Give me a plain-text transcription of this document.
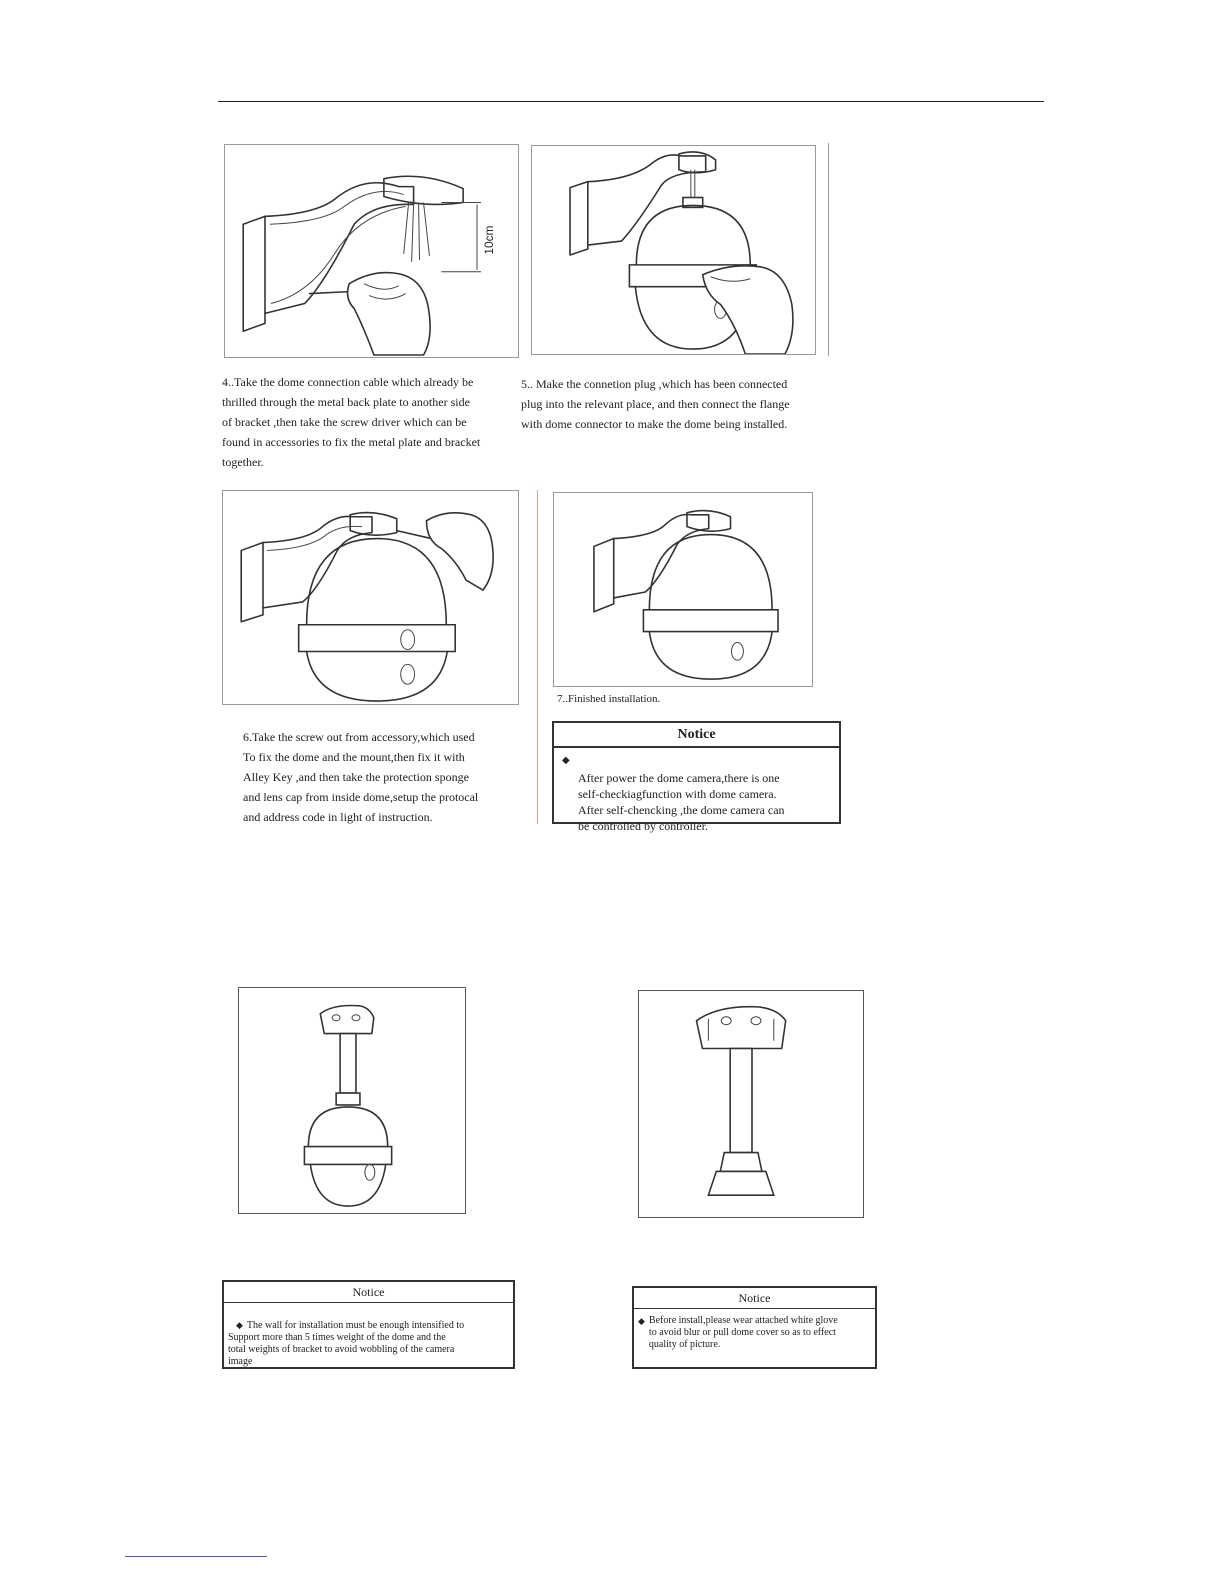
10cm
4..Take the dome connection cable which already be
thrilled through the metal back plate to another side
of bracket ,then take the screw driver which can be
found in accessories to fix the metal plate and bracket
together.
5.. Make the connetion plug ,which has been connected
plug into the relevant place, and then connect the flange
with dome connector to make the dome being installed.
6.Take the screw out from accessory,which used
To fix the dome and the mount,then fix it with
Alley Key ,and then take the protection sponge
and lens cap from inside dome,setup the protocal
and address code in light of instruction.
7..Finished installation.
Notice

◆
After power the dome camera,there is one
self-checkiagfunction with dome camera.
After self-chencking ,the dome camera can
be controlled by controller.

Notice

◆ The wall for installation must be enough intensified to
Support more than 5 times weight of the dome and the
total weights of bracket to avoid wobbling of the camera
image

Notice
◆ Before install,please wear attached white glove
to avoid blur or pull dome cover so as to effect
quality of picture.
